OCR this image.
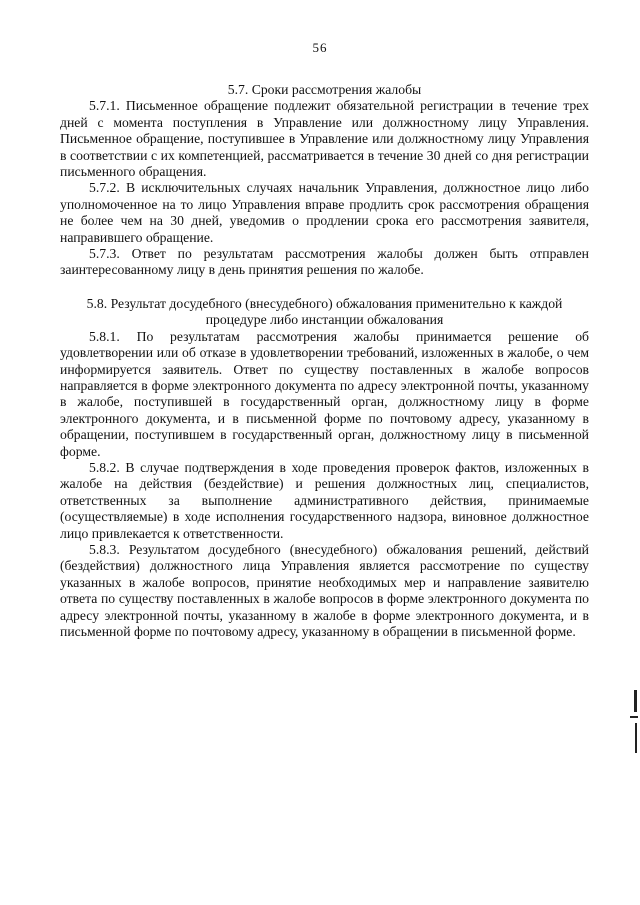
56

5.7. Сроки рассмотрения жалобы

5.7.1. Письменное обращение подлежит обязательной регистрации в течение трех дней с момента поступления в Управление или должностному лицу Управления. Письменное обращение, поступившее в Управление или должностному лицу Управления в соответствии с их компетенцией, рассматривается в течение 30 дней со дня регистрации письменного обращения.

5.7.2. В исключительных случаях начальник Управления, должностное лицо либо уполномоченное на то лицо Управления вправе продлить срок рассмотрения обращения не более чем на 30 дней, уведомив о продлении срока его рассмотрения заявителя, направившего обращение.

5.7.3. Ответ по результатам рассмотрения жалобы должен быть отправлен заинтересованному лицу в день принятия решения по жалобе.

5.8. Результат досудебного (внесудебного) обжалования применительно к каждой процедуре либо инстанции обжалования

5.8.1. По результатам рассмотрения жалобы принимается решение об удовлетворении или об отказе в удовлетворении требований, изложенных в жалобе, о чем информируется заявитель. Ответ по существу поставленных в жалобе вопросов направляется в форме электронного документа по адресу электронной почты, указанному в жалобе, поступившей в государственный орган, должностному лицу в форме электронного документа, и в письменной форме по почтовому адресу, указанному в обращении, поступившем в государственный орган, должностному лицу в письменной форме.

5.8.2. В случае подтверждения в ходе проведения проверок фактов, изложенных в жалобе на действия (бездействие) и решения должностных лиц, специалистов, ответственных за выполнение административного действия, принимаемые (осуществляемые) в ходе исполнения государственного надзора, виновное должностное лицо привлекается к ответственности.

5.8.3. Результатом досудебного (внесудебного) обжалования решений, действий (бездействия) должностного лица Управления является рассмотрение по существу указанных в жалобе вопросов, принятие необходимых мер и направление заявителю ответа по существу поставленных в жалобе вопросов в форме электронного документа по адресу электронной почты, указанному в жалобе в форме электронного документа, и в письменной форме по почтовому адресу, указанному в обращении в письменной форме.
